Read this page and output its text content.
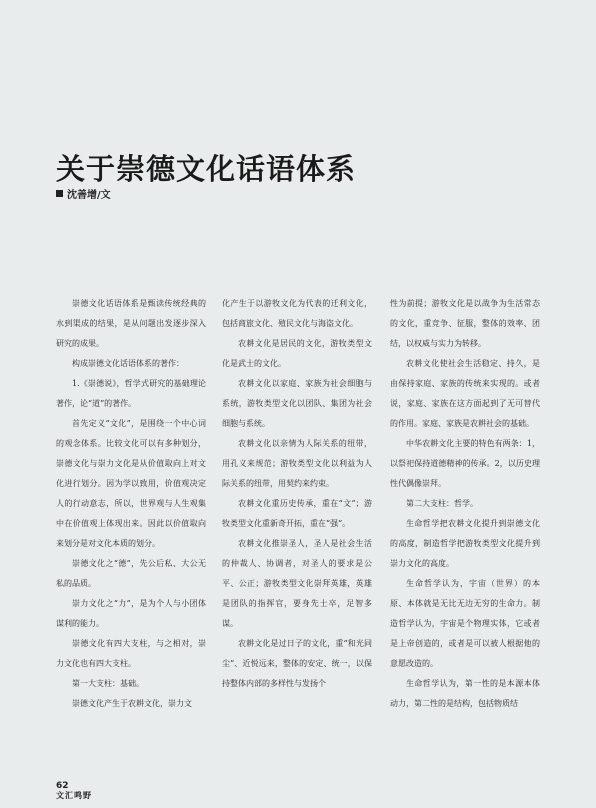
关于崇德文化话语体系
沈善增/文

崇德文化话语体系是甄读传统经典的水到渠成的结果，是从问题出发逐步深入研究的成果。

构成崇德文化话语体系的著作：

1.《崇德说》，哲学式研究的基础理论著作，论“道”的著作。

首先定义“文化”，是围绕一个中心词的观念体系。比较文化可以有多种划分，崇德文化与崇力文化是从价值取向上对文化进行划分。因为学以致用，价值观决定人的行动意志，所以，世界观与人生观集中在价值观上体现出来。因此以价值取向来划分是对文化本质的划分。

崇德文化之“德”，先公后私、大公无私的品质。

崇力文化之“力”，是为个人与小团体谋利的能力。

崇德文化有四大支柱，与之相对，崇力文化也有四大支柱。

第一大支柱：基础。

崇德文化产生于农耕文化，崇力文

化产生于以游牧文化为代表的迁利文化，包括商旅文化、殖民文化与海盗文化。

农耕文化是居民的文化，游牧类型文化是武士的文化。

农耕文化以家庭、家族为社会细胞与系统，游牧类型文化以团队、集团为社会细胞与系统。

农耕文化以亲情为人际关系的纽带，用孔义来规范；游牧类型文化以利益为人际关系的纽带，用契约来约束。

农耕文化重历史传承，重在“文”；游牧类型文化重新奇开拓，重在“强”。

农耕文化推崇圣人，圣人是社会生活的仲裁人、协调者，对圣人的要求是公平、公正；游牧类型文化崇拜英雄，英雄是团队的指挥官，要身先士卒，足智多谋。

农耕文化是过日子的文化，重“和光同尘”、近悦远来，整体的安定、统一，以保持整体内部的多样性与发扬个

性为前提；游牧文化是以战争为生活常态的文化，重竞争、征服，整体的效率、团结，以权威与实力为转移。

农耕文化使社会生活稳定、持久，是由保持家庭、家族的传统来实现的。或者说，家庭、家族在这方面起到了无可替代的作用。家庭、家族是农耕社会的基础。

中华农耕文化主要的特色有两条：1，以祭祀保持道德精神的传承。2，以历史理性代偶像崇拜。

第二大支柱：哲学。

生命哲学把农耕文化提升到崇德文化的高度，制造哲学把游牧类型文化提升到崇力文化的高度。

生命哲学认为，宇宙（世界）的本原、本体就是无比无边无穷的生命力。制造哲学认为，宇宙是个物理实体，它或者是上帝创造的，或者是可以被人根据他的意愿改造的。

生命哲学认为，第一性的是本源本体动力，第二性的是结构，包括物质结

62
文汇鸣野
